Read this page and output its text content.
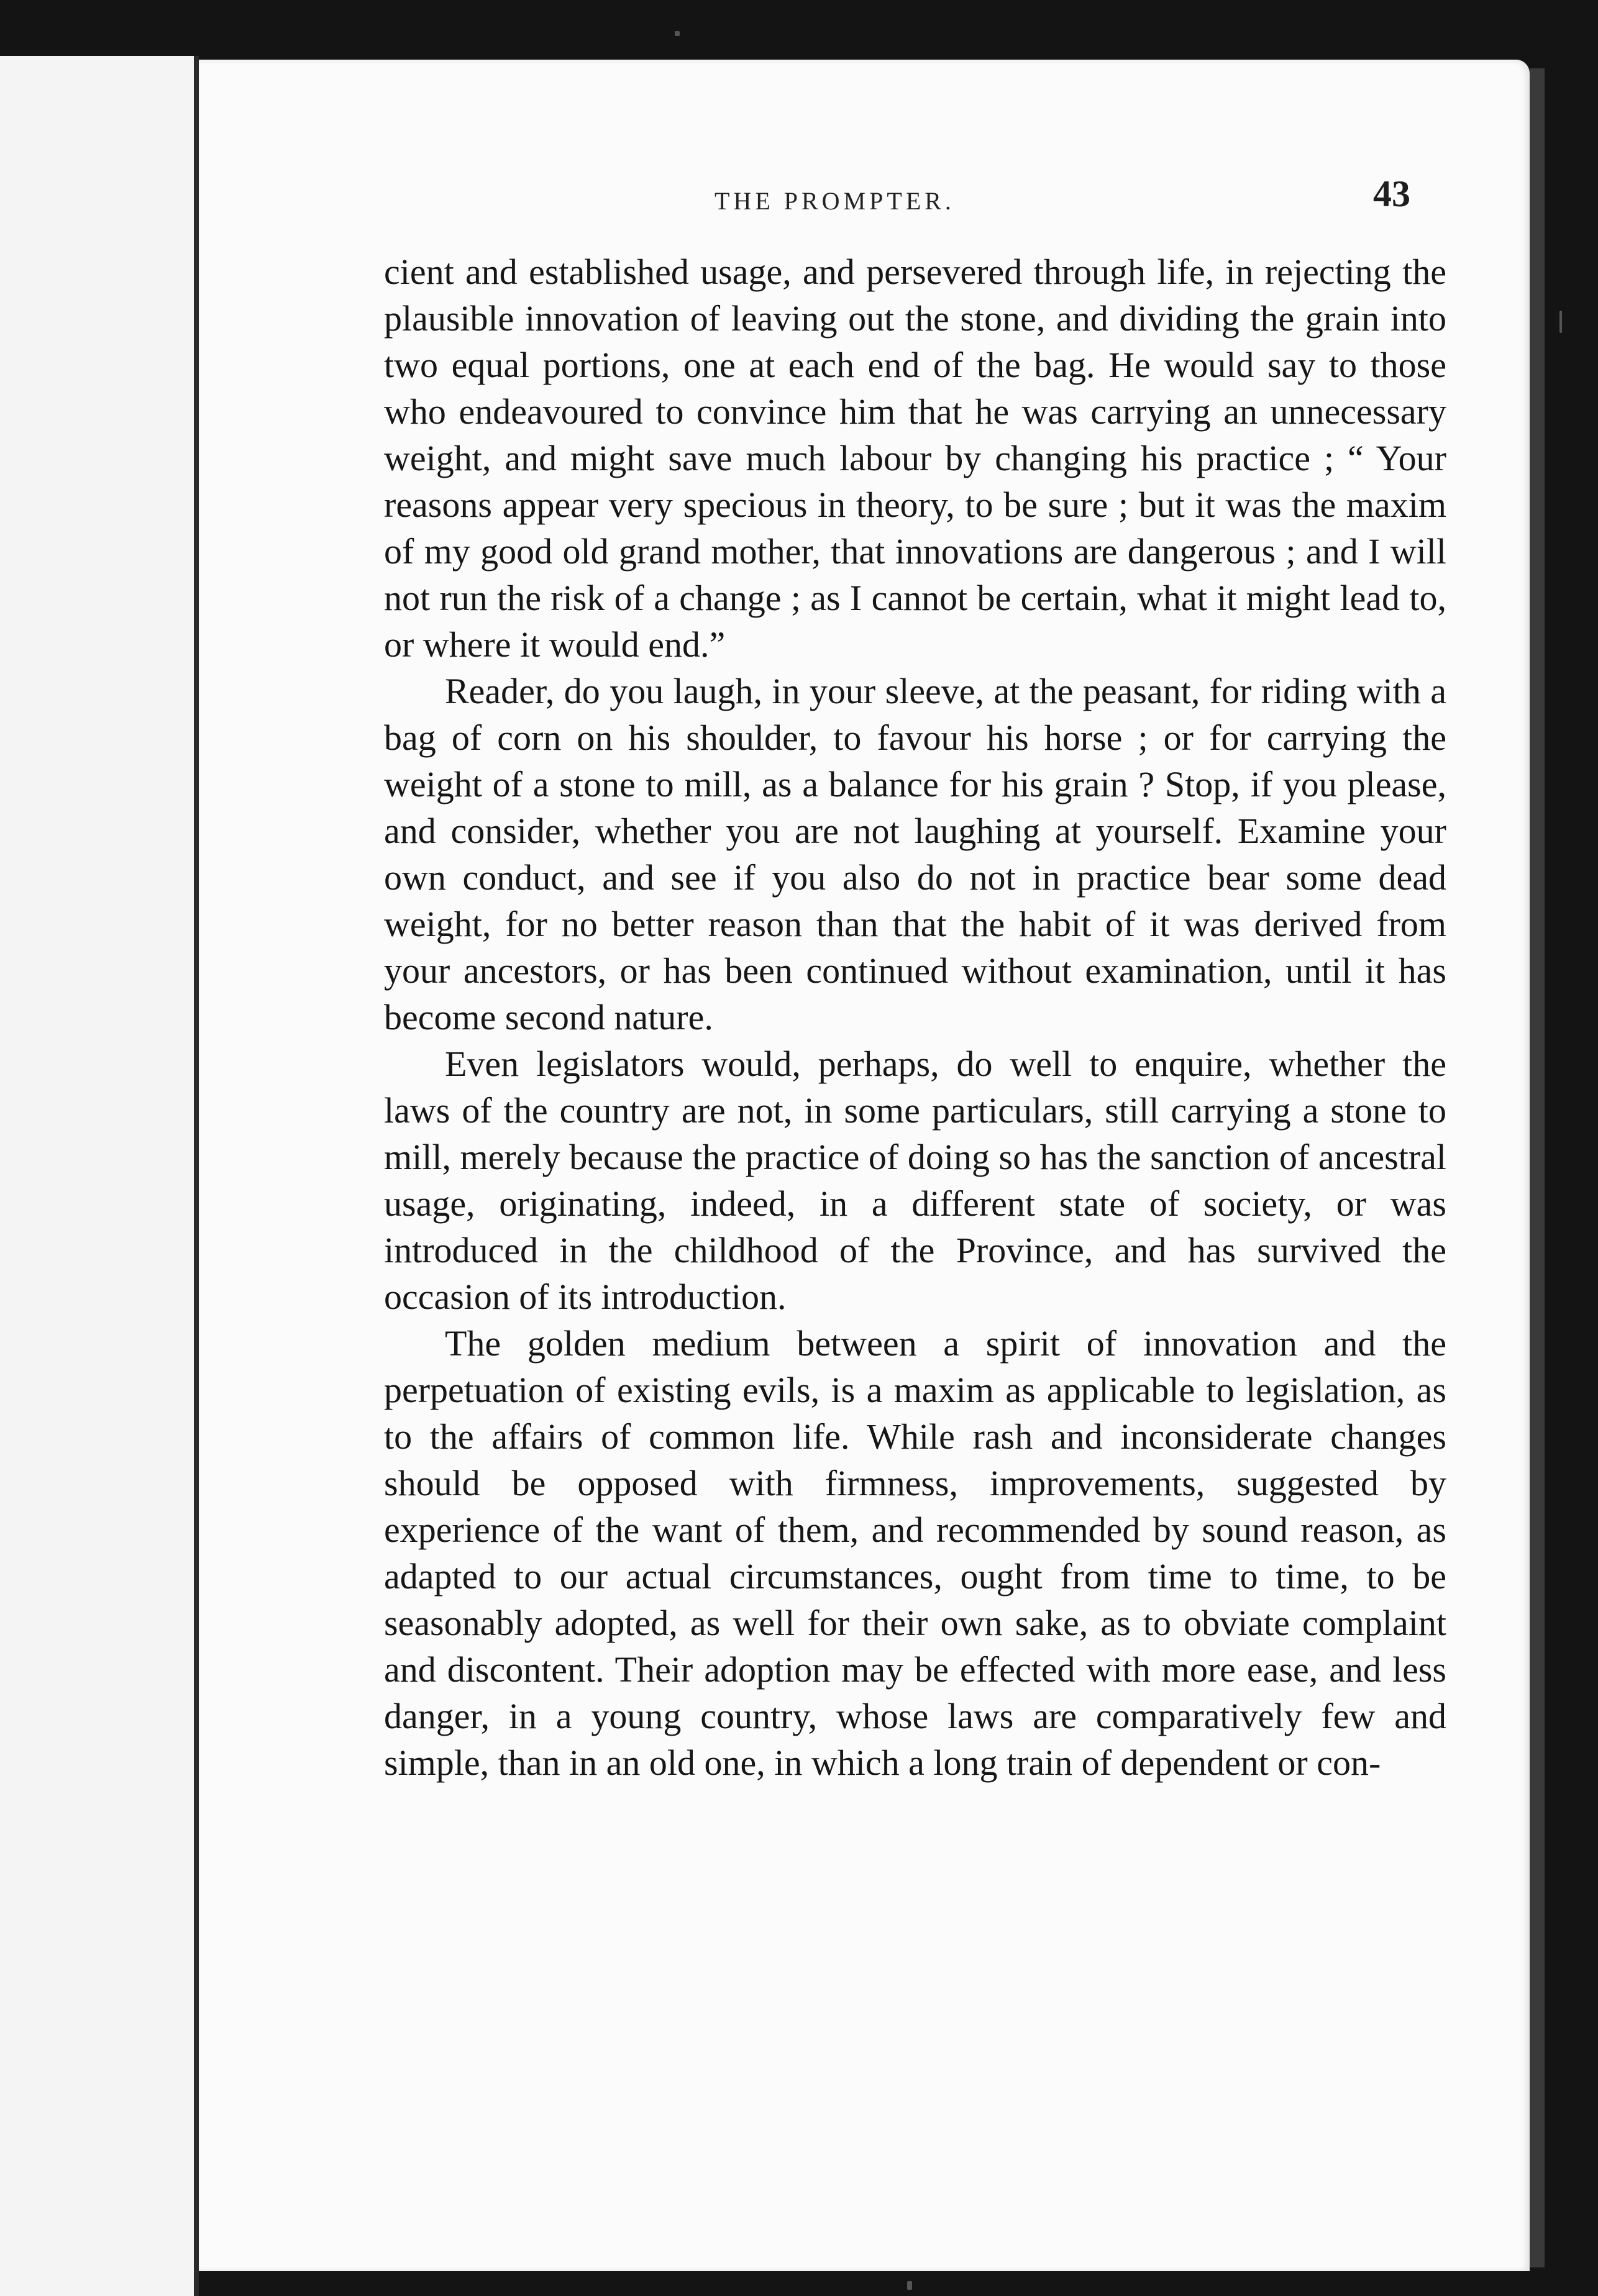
THE PROMPTER.	43

cient and established usage, and persevered through life, in rejecting the plausible innovation of leaving out the stone, and dividing the grain into two equal portions, one at each end of the bag. He would say to those who endeavoured to convince him that he was carrying an unnecessary weight, and might save much labour by changing his practice ; “ Your reasons appear very specious in theory, to be sure ; but it was the maxim of my good old grand mother, that innovations are dangerous ; and I will not run the risk of a change ; as I cannot be certain, what it might lead to, or where it would end.”

Reader, do you laugh, in your sleeve, at the peasant, for riding with a bag of corn on his shoulder, to favour his horse ; or for carrying the weight of a stone to mill, as a balance for his grain ? Stop, if you please, and consider, whether you are not laughing at yourself. Examine your own conduct, and see if you also do not in practice bear some dead weight, for no better reason than that the habit of it was derived from your ancestors, or has been continued without examination, until it has become second nature.

Even legislators would, perhaps, do well to enquire, whether the laws of the country are not, in some particulars, still carrying a stone to mill, merely because the practice of doing so has the sanction of ancestral usage, originating, indeed, in a different state of society, or was introduced in the childhood of the Province, and has survived the occasion of its introduction.

The golden medium between a spirit of innovation and the perpetuation of existing evils, is a maxim as applicable to legislation, as to the affairs of common life. While rash and inconsiderate changes should be opposed with firmness, improvements, suggested by experience of the want of them, and recommended by sound reason, as adapted to our actual circumstances, ought from time to time, to be seasonably adopted, as well for their own sake, as to obviate complaint and discontent. Their adoption may be effected with more ease, and less danger, in a young country, whose laws are comparatively few and simple, than in an old one, in which a long train of dependent or con-
